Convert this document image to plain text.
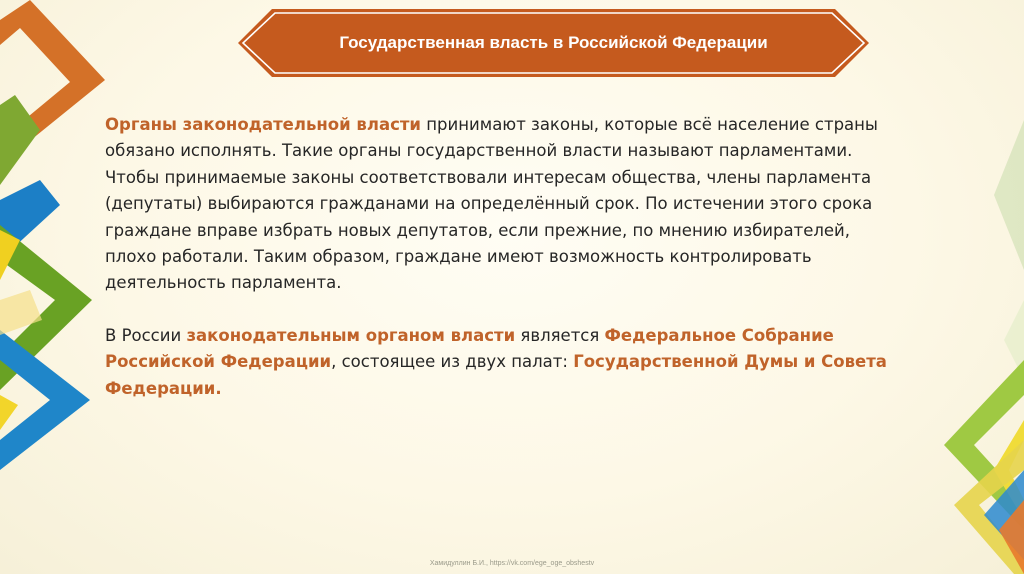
Государственная власть в Российской Федерации

Органы законодательной власти принимают законы, которые всё население страны обязано исполнять. Такие органы государственной власти называют парламентами. Чтобы принимаемые законы соответствовали интересам общества, члены парламента (депутаты) выбираются гражданами на определённый срок. По истечении этого срока граждане вправе избрать новых депутатов, если прежние, по мнению избирателей, плохо работали. Таким образом, граждане имеют возможность контролировать деятельность парламента.

В России законодательным органом власти является Федеральное Собрание Российской Федерации, состоящее из двух палат: Государственной Думы и Совета Федерации.

Хамидуллин Б.И., https://vk.com/ege_oge_obshestv
